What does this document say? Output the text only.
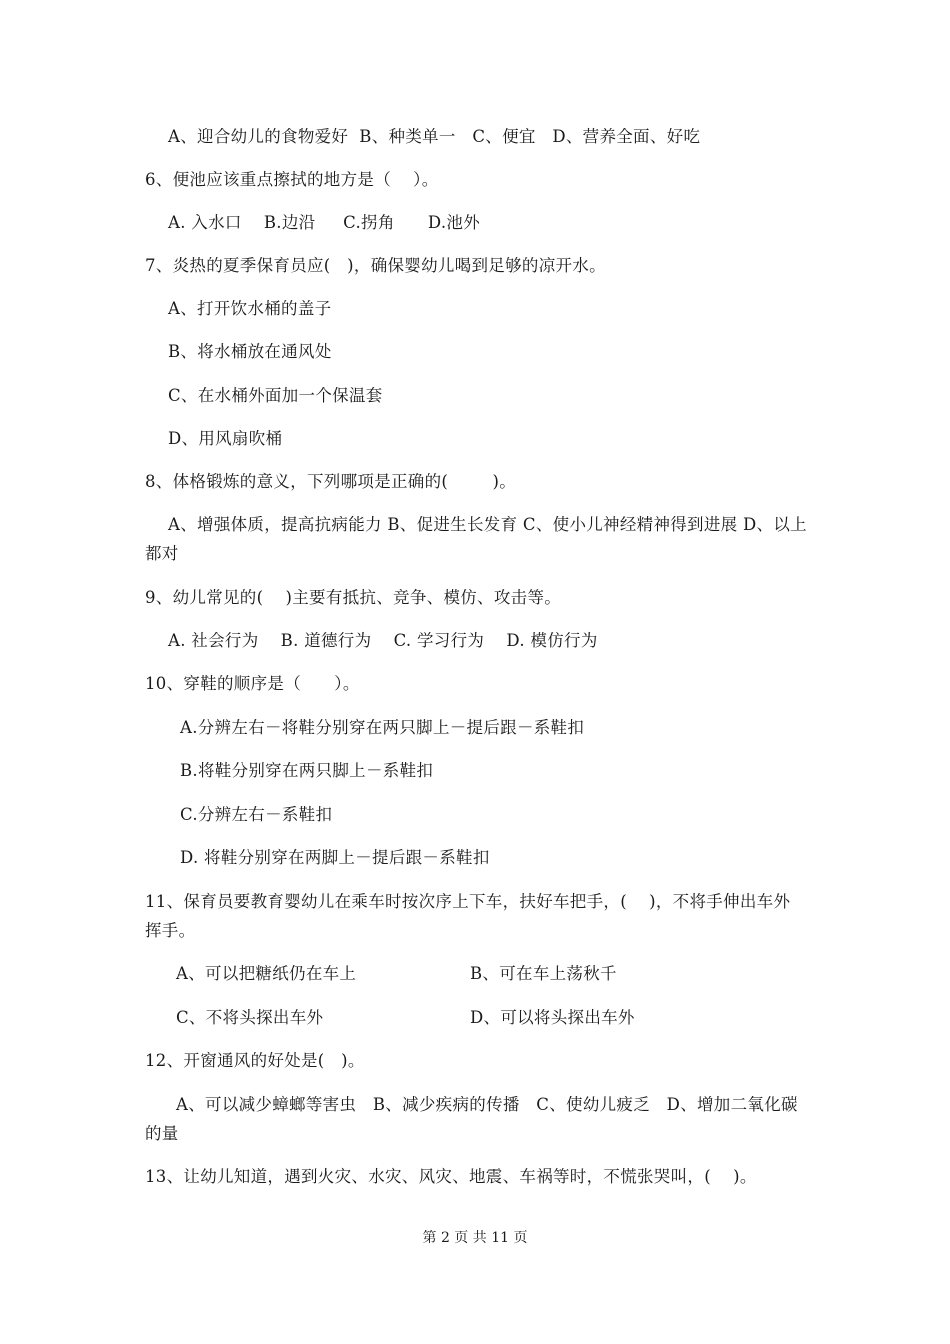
A、迎合幼儿的食物爱好  B、种类单一   C、便宜   D、营养全面、好吃
6、便池应该重点擦拭的地方是（    ）。
A. 入水口    B.边沿     C.拐角      D.池外
7、炎热的夏季保育员应(   )，确保婴幼儿喝到足够的凉开水。
A、打开饮水桶的盖子
B、将水桶放在通风处
C、在水桶外面加一个保温套
D、用风扇吹桶
8、体格锻炼的意义，下列哪项是正确的(        )。
A、增强体质，提高抗病能力 B、促进生长发育 C、使小儿神经精神得到进展 D、以上
都对
9、幼儿常见的(    )主要有抵抗、竞争、模仿、攻击等。
A. 社会行为    B. 道德行为    C. 学习行为    D. 模仿行为
10、穿鞋的顺序是（      ）。
A.分辨左右－将鞋分别穿在两只脚上－提后跟－系鞋扣
B.将鞋分别穿在两只脚上－系鞋扣
C.分辨左右－系鞋扣
D. 将鞋分别穿在两脚上－提后跟－系鞋扣
11、保育员要教育婴幼儿在乘车时按次序上下车，扶好车把手，(    )，不将手伸出车外
挥手。
A、可以把糖纸仍在车上	B、可在车上荡秋千
C、不将头探出车外	D、可以将头探出车外
12、开窗通风的好处是(   )。
A、可以减少蟑螂等害虫   B、减少疾病的传播   C、使幼儿疲乏   D、增加二氧化碳
的量
13、让幼儿知道，遇到火灾、水灾、风灾、地震、车祸等时，不慌张哭叫，(    )。
第 2 页 共 11 页
